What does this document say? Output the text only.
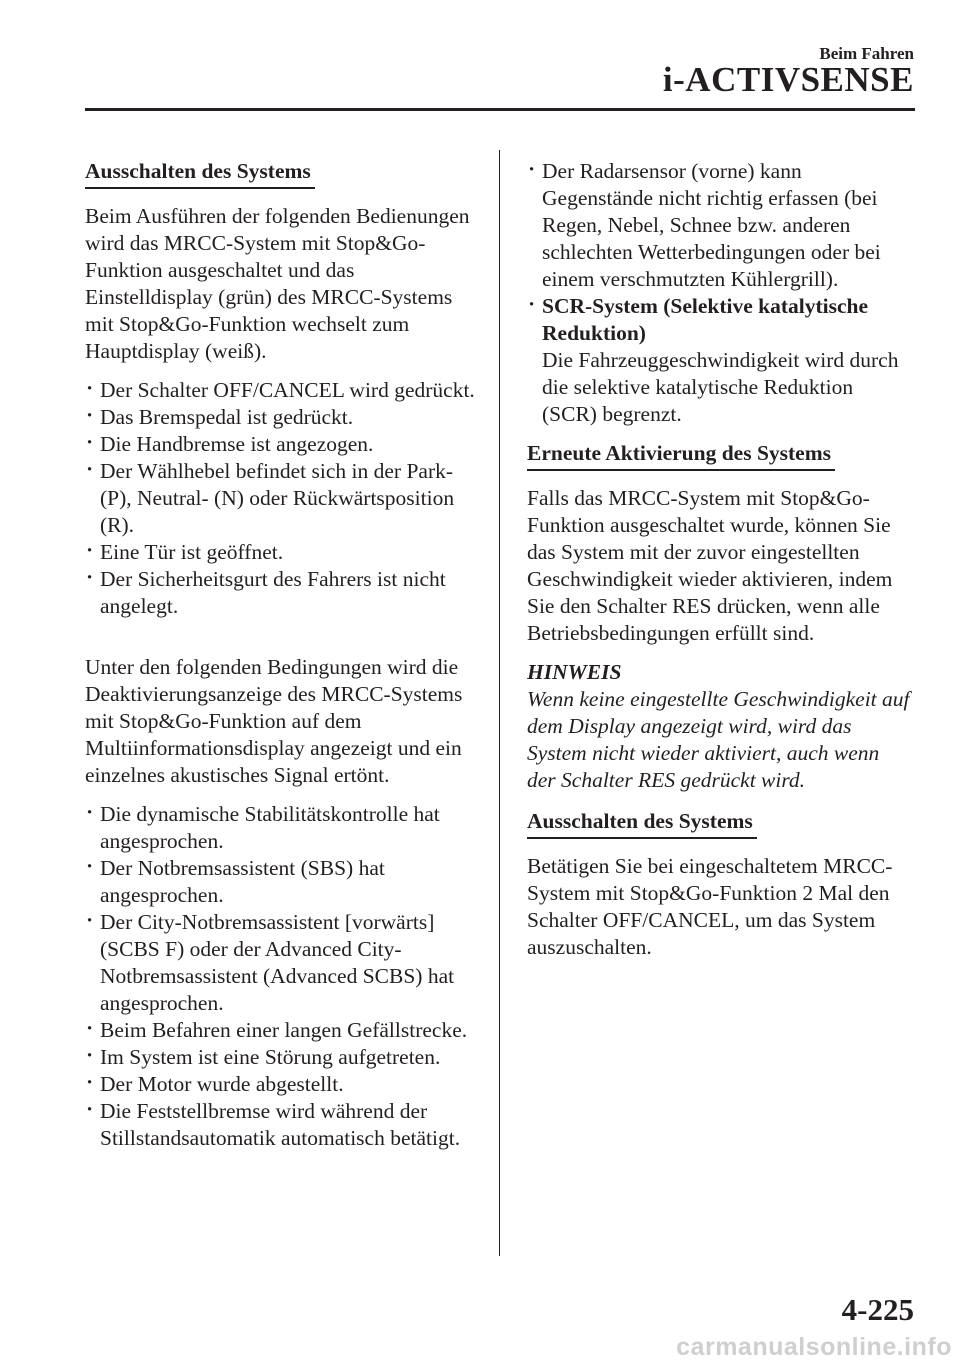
Beim Fahren
i-ACTIVSENSE
Ausschalten des Systems

Beim Ausführen der folgenden Bedienungen wird das MRCC-System mit Stop&Go-Funktion ausgeschaltet und das Einstelldisplay (grün) des MRCC-Systems mit Stop&Go-Funktion wechselt zum Hauptdisplay (weiß).

· Der Schalter OFF/CANCEL wird gedrückt.
· Das Bremspedal ist gedrückt.
· Die Handbremse ist angezogen.
· Der Wählhebel befindet sich in der Park- (P), Neutral- (N) oder Rückwärtsposition (R).
· Eine Tür ist geöffnet.
· Der Sicherheitsgurt des Fahrers ist nicht angelegt.

Unter den folgenden Bedingungen wird die Deaktivierungsanzeige des MRCC-Systems mit Stop&Go-Funktion auf dem Multiinformationsdisplay angezeigt und ein einzelnes akustisches Signal ertönt.

· Die dynamische Stabilitätskontrolle hat angesprochen.
· Der Notbremsassistent (SBS) hat angesprochen.
· Der City-Notbremsassistent [vorwärts] (SCBS F) oder der Advanced City-Notbremsassistent (Advanced SCBS) hat angesprochen.
· Beim Befahren einer langen Gefällstrecke.
· Im System ist eine Störung aufgetreten.
· Der Motor wurde abgestellt.
· Die Feststellbremse wird während der Stillstandsautomatik automatisch betätigt.
· Der Radarsensor (vorne) kann Gegenstände nicht richtig erfassen (bei Regen, Nebel, Schnee bzw. anderen schlechten Wetterbedingungen oder bei einem verschmutzten Kühlergrill).
· SCR-System (Selektive katalytische Reduktion)
Die Fahrzeuggeschwindigkeit wird durch die selektive katalytische Reduktion (SCR) begrenzt.
Erneute Aktivierung des Systems

Falls das MRCC-System mit Stop&Go-Funktion ausgeschaltet wurde, können Sie das System mit der zuvor eingestellten Geschwindigkeit wieder aktivieren, indem Sie den Schalter RES drücken, wenn alle Betriebsbedingungen erfüllt sind.

HINWEIS

Wenn keine eingestellte Geschwindigkeit auf dem Display angezeigt wird, wird das System nicht wieder aktiviert, auch wenn der Schalter RES gedrückt wird.

Ausschalten des Systems

Betätigen Sie bei eingeschaltetem MRCC-System mit Stop&Go-Funktion 2 Mal den Schalter OFF/CANCEL, um das System auszuschalten.

4-225
carmanualsonline.info
